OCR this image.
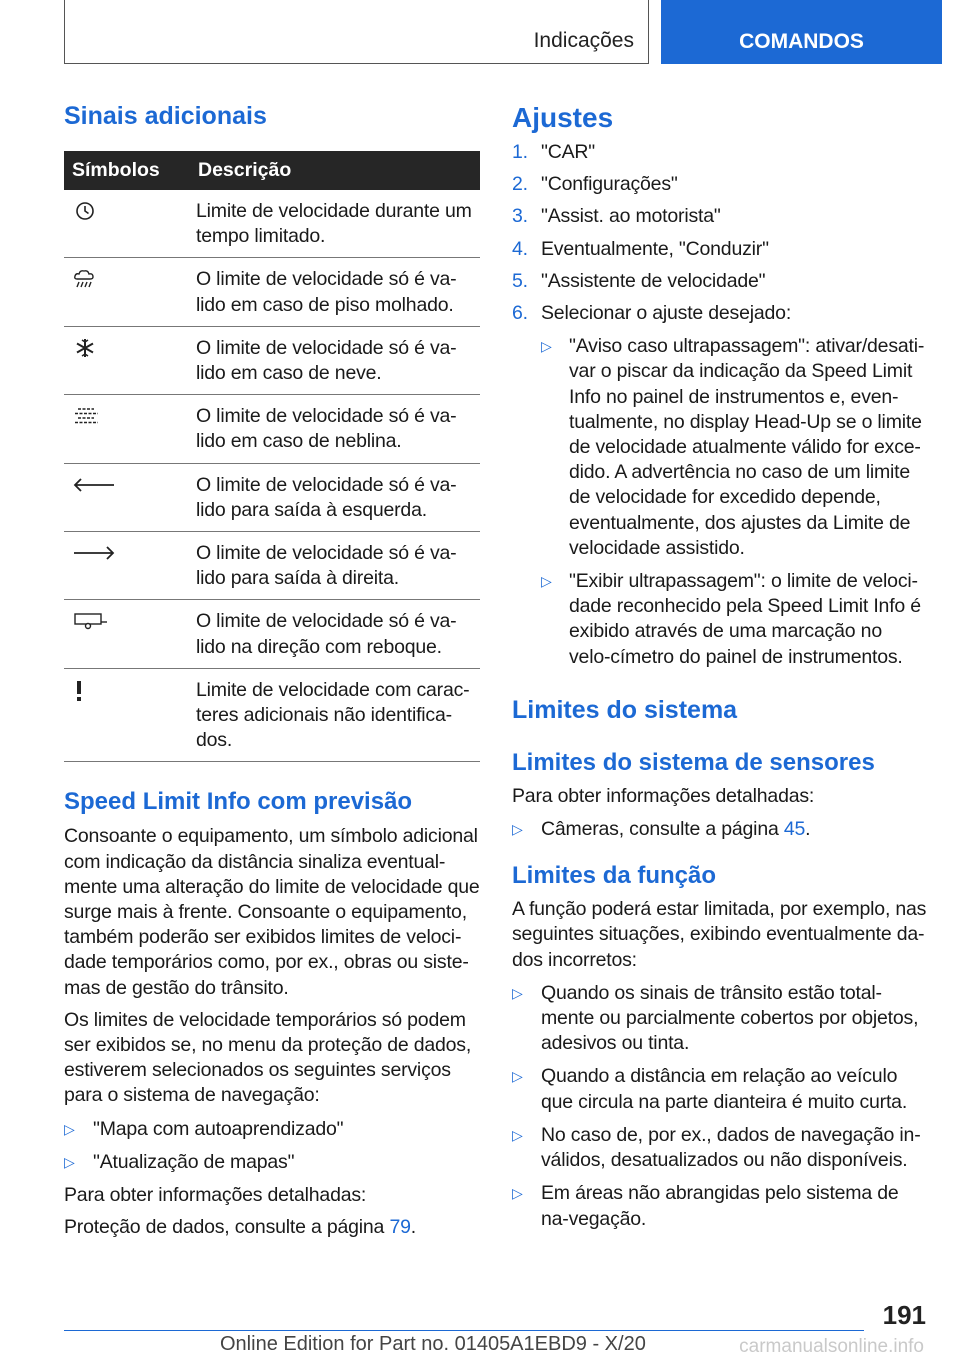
Indicações	COMANDOS
Sinais adicionais
Símbolos	Descrição
	Limite de velocidade durante um tempo limitado.
	O limite de velocidade só é va-lido em caso de piso molhado.
	O limite de velocidade só é va-lido em caso de neve.
	O limite de velocidade só é va-lido em caso de neblina.
	O limite de velocidade só é va-lido para saída à esquerda.
	O limite de velocidade só é va-lido para saída à direita.
	O limite de velocidade só é va-lido na direção com reboque.
	Limite de velocidade com carac-teres adicionais não identifica-dos.
Speed Limit Info com previsão

Consoante o equipamento, um símbolo adicional com indicação da distância sinaliza eventual-mente uma alteração do limite de velocidade que surge mais à frente. Consoante o equipamento, também poderão ser exibidos limites de veloci-dade temporários como, por ex., obras ou siste-mas de gestão do trânsito.

Os limites de velocidade temporários só podem ser exibidos se, no menu da proteção de dados, estiverem selecionados os seguintes serviços para o sistema de navegação:

▷ "Mapa com autoaprendizado"
▷ "Atualização de mapas"

Para obter informações detalhadas:

Proteção de dados, consulte a página 79.

Ajustes
1. "CAR"
2. "Configurações"
3. "Assist. ao motorista"
4. Eventualmente, "Conduzir"
5. "Assistente de velocidade"
6. Selecionar o ajuste desejado:
▷ "Aviso caso ultrapassagem": ativar/desati-var o piscar da indicação da Speed Limit Info no painel de instrumentos e, even-tualmente, no display Head-Up se o limite de velocidade atualmente válido for exce-dido. A advertência no caso de um limite de velocidade for excedido depende, eventualmente, dos ajustes da Limite de velocidade assistido.
▷ "Exibir ultrapassagem": o limite de veloci-dade reconhecido pela Speed Limit Info é exibido através de uma marcação no velo-címetro do painel de instrumentos.
Limites do sistema
Limites do sistema de sensores

Para obter informações detalhadas:

▷ Câmeras, consulte a página 45.
Limites da função

A função poderá estar limitada, por exemplo, nas seguintes situações, exibindo eventualmente da-dos incorretos:

▷ Quando os sinais de trânsito estão total-mente ou parcialmente cobertos por objetos, adesivos ou tinta.
▷ Quando a distância em relação ao veículo que circula na parte dianteira é muito curta.
▷ No caso de, por ex., dados de navegação in-válidos, desatualizados ou não disponíveis.
▷ Em áreas não abrangidas pelo sistema de na-vegação.
191
Online Edition for Part no. 01405A1EBD9 - X/20	carmanualsonline.info
